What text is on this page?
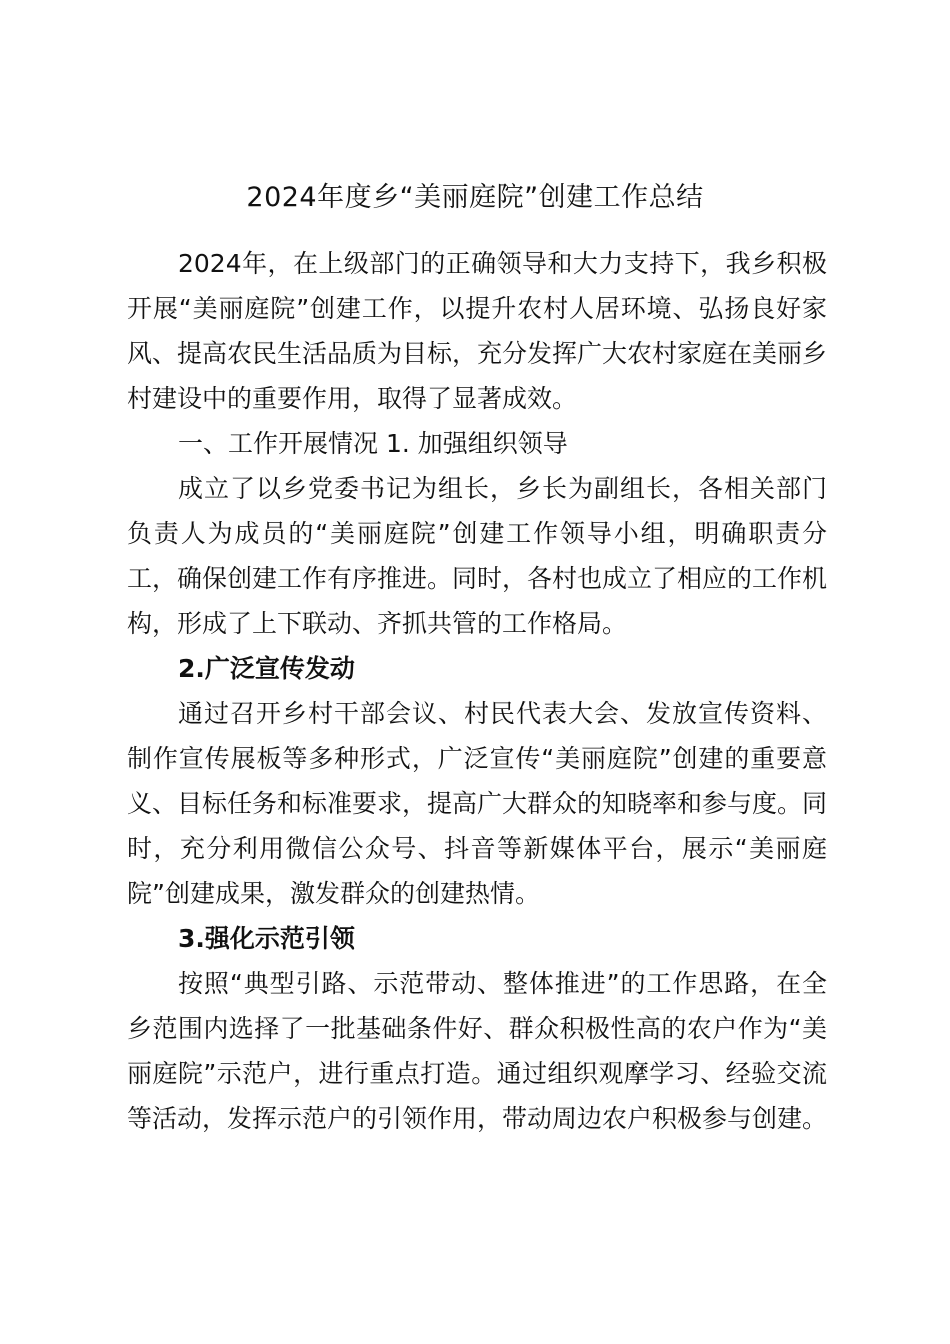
2024年度乡“美丽庭院”创建工作总结

2024年，在上级部门的正确领导和大力支持下，我乡积极开展“美丽庭院”创建工作，以提升农村人居环境、弘扬良好家风、提高农民生活品质为目标，充分发挥广大农村家庭在美丽乡村建设中的重要作用，取得了显著成效。

一、工作开展情况 1. 加强组织领导

成立了以乡党委书记为组长，乡长为副组长，各相关部门负责人为成员的“美丽庭院”创建工作领导小组，明确职责分工，确保创建工作有序推进。同时，各村也成立了相应的工作机构，形成了上下联动、齐抓共管的工作格局。

2.广泛宣传发动

通过召开乡村干部会议、村民代表大会、发放宣传资料、制作宣传展板等多种形式，广泛宣传“美丽庭院”创建的重要意义、目标任务和标准要求，提高广大群众的知晓率和参与度。同时，充分利用微信公众号、抖音等新媒体平台，展示“美丽庭院”创建成果，激发群众的创建热情。

3.强化示范引领

按照“典型引路、示范带动、整体推进”的工作思路，在全乡范围内选择了一批基础条件好、群众积极性高的农户作为“美丽庭院”示范户，进行重点打造。通过组织观摩学习、经验交流等活动，发挥示范户的引领作用，带动周边农户积极参与创建。
